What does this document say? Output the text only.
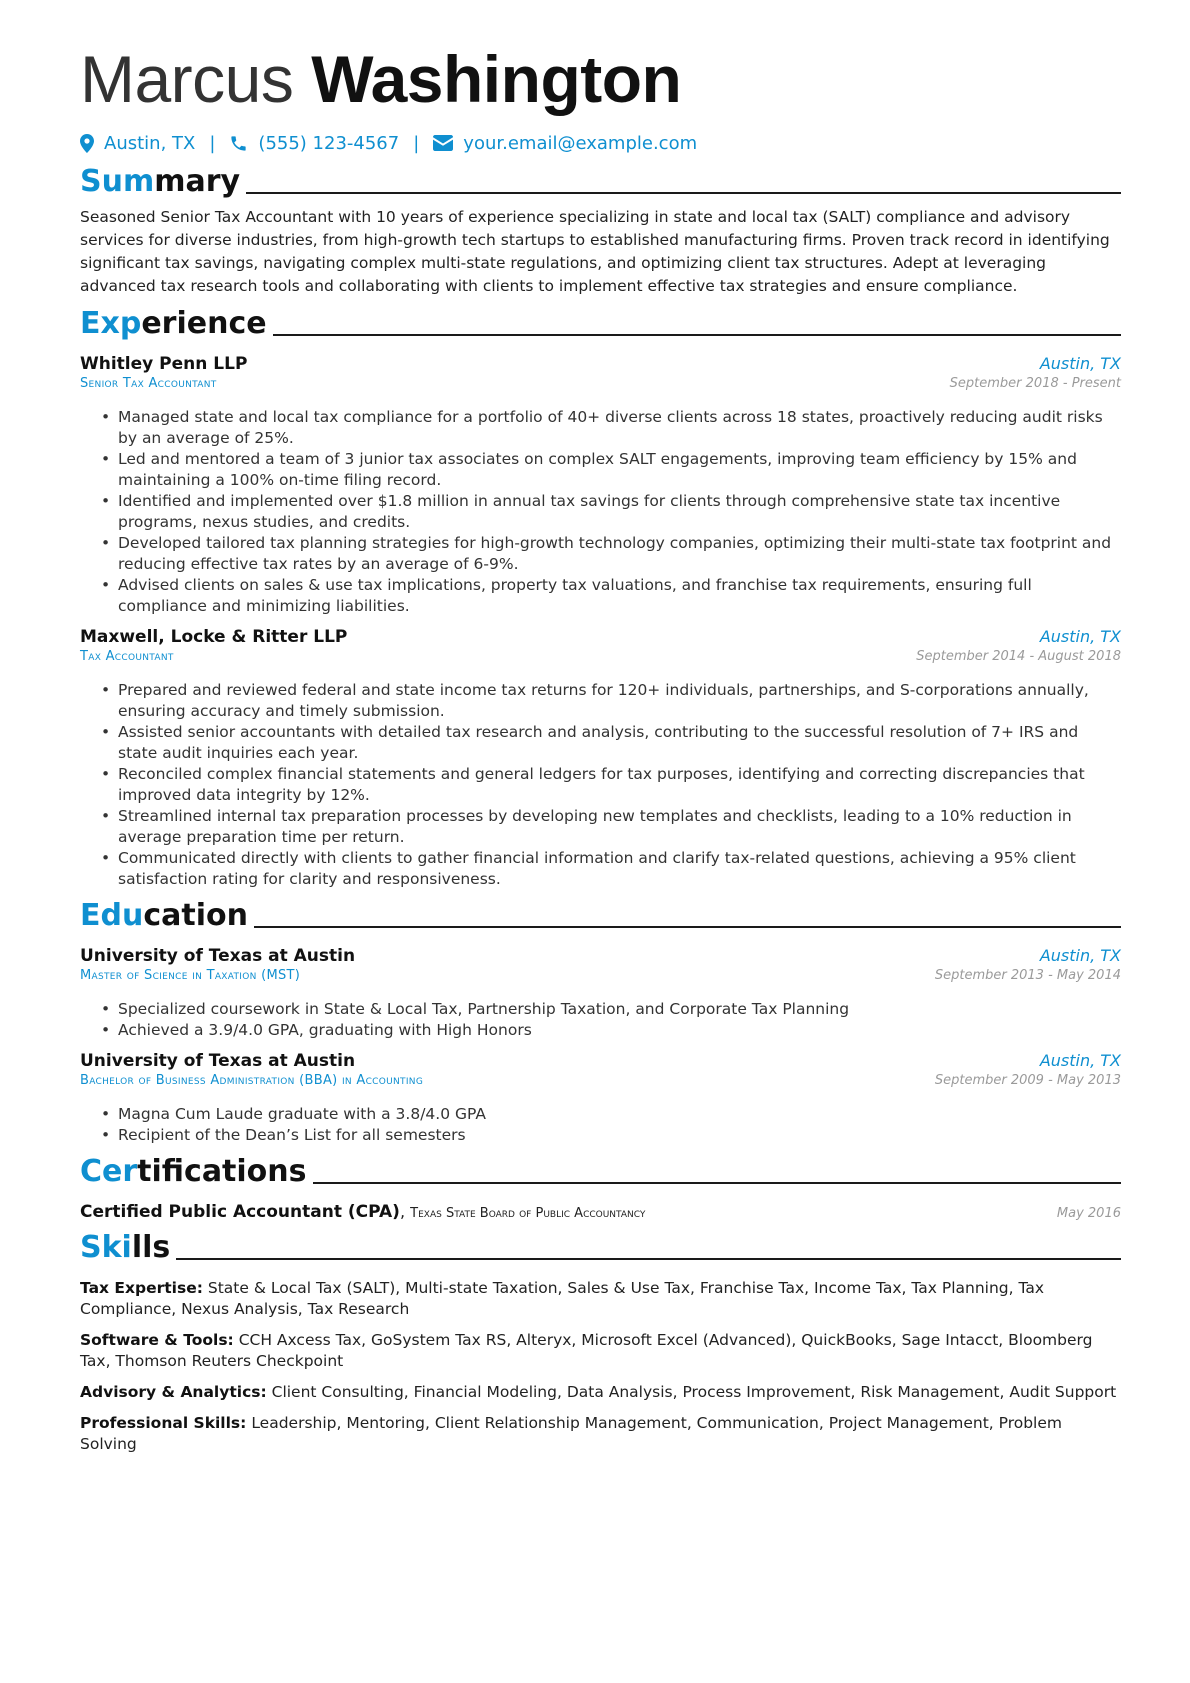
Marcus Washington
Austin, TX | (555) 123-4567 | your.email@example.com
Summary

Seasoned Senior Tax Accountant with 10 years of experience specializing in state and local tax (SALT) compliance and advisory services for diverse industries, from high-growth tech startups to established manufacturing firms. Proven track record in identifying significant tax savings, navigating complex multi-state regulations, and optimizing client tax structures. Adept at leveraging advanced tax research tools and collaborating with clients to implement effective tax strategies and ensure compliance.

Experience
Whitley Penn LLP	Austin, TX
Senior Tax Accountant	September 2018 - Present
• Managed state and local tax compliance for a portfolio of 40+ diverse clients across 18 states, proactively reducing audit risks by an average of 25%.
• Led and mentored a team of 3 junior tax associates on complex SALT engagements, improving team efficiency by 15% and maintaining a 100% on-time filing record.
• Identified and implemented over $1.8 million in annual tax savings for clients through comprehensive state tax incentive programs, nexus studies, and credits.
• Developed tailored tax planning strategies for high-growth technology companies, optimizing their multi-state tax footprint and reducing effective tax rates by an average of 6-9%.
• Advised clients on sales & use tax implications, property tax valuations, and franchise tax requirements, ensuring full compliance and minimizing liabilities.
Maxwell, Locke & Ritter LLP	Austin, TX
Tax Accountant	September 2014 - August 2018
• Prepared and reviewed federal and state income tax returns for 120+ individuals, partnerships, and S-corporations annually, ensuring accuracy and timely submission.
• Assisted senior accountants with detailed tax research and analysis, contributing to the successful resolution of 7+ IRS and state audit inquiries each year.
• Reconciled complex financial statements and general ledgers for tax purposes, identifying and correcting discrepancies that improved data integrity by 12%.
• Streamlined internal tax preparation processes by developing new templates and checklists, leading to a 10% reduction in average preparation time per return.
• Communicated directly with clients to gather financial information and clarify tax-related questions, achieving a 95% client satisfaction rating for clarity and responsiveness.
Education
University of Texas at Austin	Austin, TX
Master of Science in Taxation (MST)	September 2013 - May 2014
• Specialized coursework in State & Local Tax, Partnership Taxation, and Corporate Tax Planning
• Achieved a 3.9/4.0 GPA, graduating with High Honors
University of Texas at Austin	Austin, TX
Bachelor of Business Administration (BBA) in Accounting	September 2009 - May 2013
• Magna Cum Laude graduate with a 3.8/4.0 GPA
• Recipient of the Dean’s List for all semesters
Certifications
Certified Public Accountant (CPA), Texas State Board of Public Accountancy	May 2016
Skills
Tax Expertise: State & Local Tax (SALT), Multi-state Taxation, Sales & Use Tax, Franchise Tax, Income Tax, Tax Planning, Tax Compliance, Nexus Analysis, Tax Research
Software & Tools: CCH Axcess Tax, GoSystem Tax RS, Alteryx, Microsoft Excel (Advanced), QuickBooks, Sage Intacct, Bloomberg Tax, Thomson Reuters Checkpoint
Advisory & Analytics: Client Consulting, Financial Modeling, Data Analysis, Process Improvement, Risk Management, Audit Support
Professional Skills: Leadership, Mentoring, Client Relationship Management, Communication, Project Management, Problem Solving
